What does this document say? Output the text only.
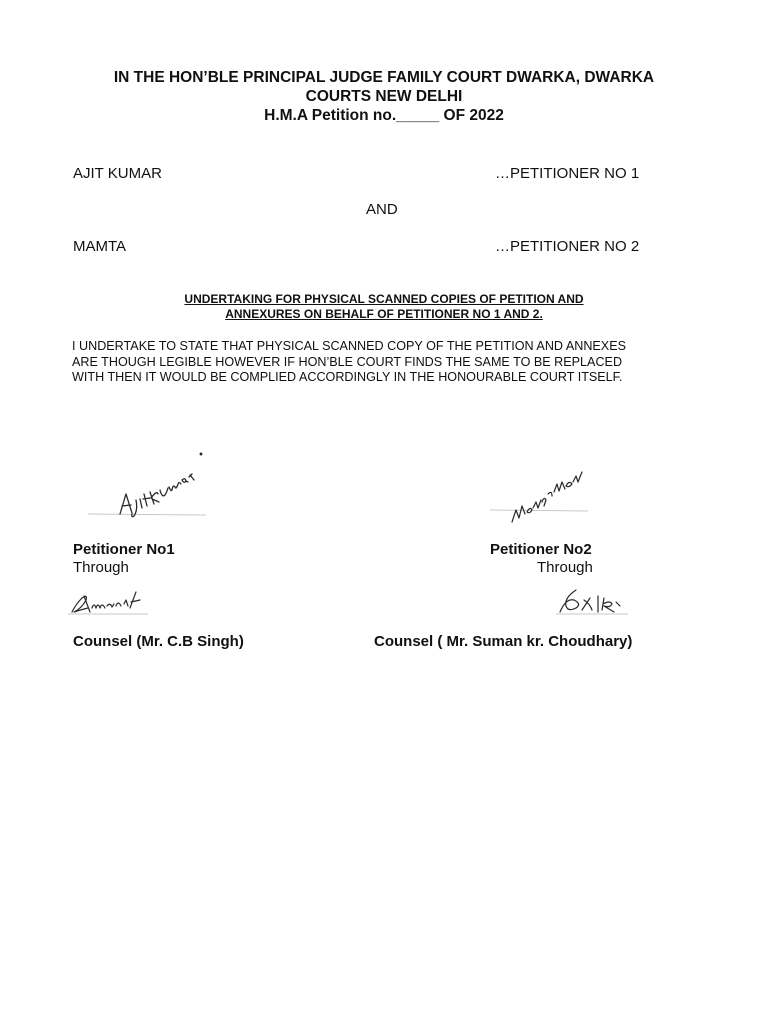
IN THE HON’BLE PRINCIPAL JUDGE FAMILY COURT DWARKA, DWARKA
COURTS NEW DELHI
H.M.A Petition no._____ OF 2022
AJIT KUMAR	…PETITIONER NO 1
AND
MAMTA	…PETITIONER NO 2
UNDERTAKING FOR PHYSICAL SCANNED COPIES OF PETITION AND
ANNEXURES ON BEHALF OF PETITIONER NO 1 AND 2.
I UNDERTAKE TO STATE THAT PHYSICAL SCANNED COPY OF THE PETITION AND ANNEXES
ARE THOUGH LEGIBLE HOWEVER IF HON’BLE COURT FINDS THE SAME TO BE REPLACED
WITH THEN IT WOULD BE COMPLIED ACCORDINGLY IN THE HONOURABLE COURT ITSELF.
Petitioner No1
Through
Petitioner No2
Through
Counsel (Mr. C.B Singh)	Counsel ( Mr. Suman kr. Choudhary)
